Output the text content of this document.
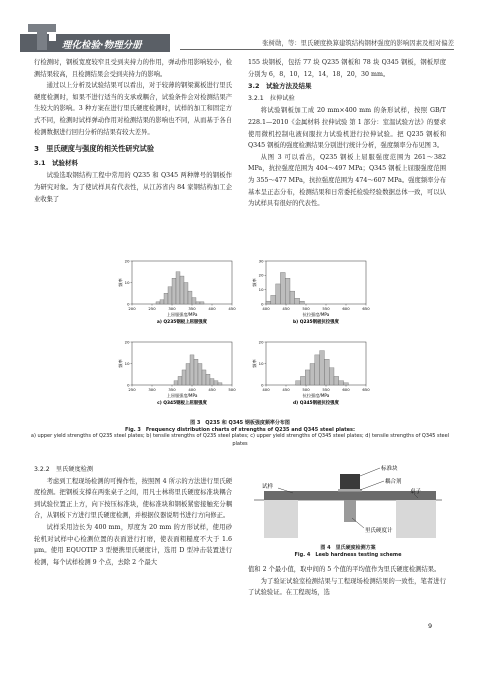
理化检验·物理分册	张树勋，等：里氏硬度换算建筑结构钢材强度的影响因素及相对偏差

行检测时，钢板宽度较窄且受到夹持力的作用，弹动作用影响较小，检测结果较高，且检测结果会受到夹持力的影响。

通过以上分析及试验结果可以看出，对于较薄的钢梁翼板进行里氏硬度检测时，如果不进行适当的支承或耦合，试验条件会对检测结果产生较大的影响。3 种方案在进行里氏硬度检测时，试样的加工和固定方式不同，检测时试样弹动作用对检测结果的影响也不同，从而基于各自检测数据进行回归分析的结果有较大差异。

3　里氏硬度与强度的相关性研究试验
3.1　试验材料

试验选取钢结构工程中常用的 Q235 和 Q345 两种牌号的钢板作为研究对象。为了使试样具有代表性，从江苏省内 84 家钢结构加工企业收集了

155 块钢板，包括 77 块 Q235 钢板和 78 块 Q345 钢板，钢板厚度分别为 6，8，10，12，14，18，20，30 mm。

3.2　试验方法及结果
3.2.1　拉伸试验

将试验钢板加工成 20 mm×400 mm 的条形试样，按照 GB/T 228.1—2010《金属材料 拉伸试验 第 1 部分：室温试验方法》的要求使用微机控制电液伺服拉力试验机进行拉伸试验。把 Q235 钢板和 Q345 钢板的强度检测结果分别进行统计分析，强度频率分布见图 3。

从图 3 可以看出，Q235 钢板上屈服强度范围为 261～382 MPa，抗拉强度范围为 404～497 MPa；Q345 钢板上屈服强度范围为 355～477 MPa，抗拉强度范围为 474～607 MPa。强度频率分布基本呈正态分布，检测结果和日常委托检验经验数据总体一致，可以认为试样具有很好的代表性。

200	250	300	350	400	450
0
10
20
上屈服强度/MPa
频率
a) Q235钢板上屈服强度
400	450	500	550	600	650
0
10
20
30
抗拉强度/MPa
频率
b) Q235钢板抗拉强度
250	300	350	400	450	500
0
10
20
上屈服强度/MPa
频率
c) Q345钢板上屈服强度
400	450	500	550	600	650
0
10
20
抗拉强度/MPa
频率
d) Q345钢板抗拉强度
图 3　Q235 和 Q345 钢板强度频率分布图
Fig. 3　Frequency distribution charts of strengths of Q235 and Q345 steel plates:
a) upper yield strengths of Q235 steel plates; b) tensile strengths of Q235 steel plates; c) upper yield strengths of Q345 steel plates; d) tensile strengths of Q345 steel plates
3.2.2　里氏硬度检测

考虑到工程现场检测的可操作性，按照图 4 所示的方法进行里氏硬度检测。把钢板支撑在两张桌子之间，用凡士林将里氏硬度标准块耦合到试验位置正上方，向下按压标准块，使标准块和钢板紧密接触充分耦合，从钢板下方进行里氏硬度检测，并根据仪器说明书进行方向修正。

试样采用边长为 400 mm，厚度为 20 mm 的方形试样，使用砂轮机对试样中心检测位置的表面进行打磨，使表面粗糙度不大于 1.6 μm。使用 EQUOTIP 3 型便携里氏硬度计，选用 D 型冲击装置进行检测，每个试样检测 9 个点，去除 2 个最大

标准块
耦合剂
试样
桌子
里氏硬度计
图 4　里氏硬度检测方案
Fig. 4　Leeb hardness testing scheme

值和 2 个最小值，取中间的 5 个值的平均值作为里氏硬度检测结果。

为了验证试验室检测结果与工程现场检测结果的一致性，笔者进行了试验验证。在工程现场，选

9
